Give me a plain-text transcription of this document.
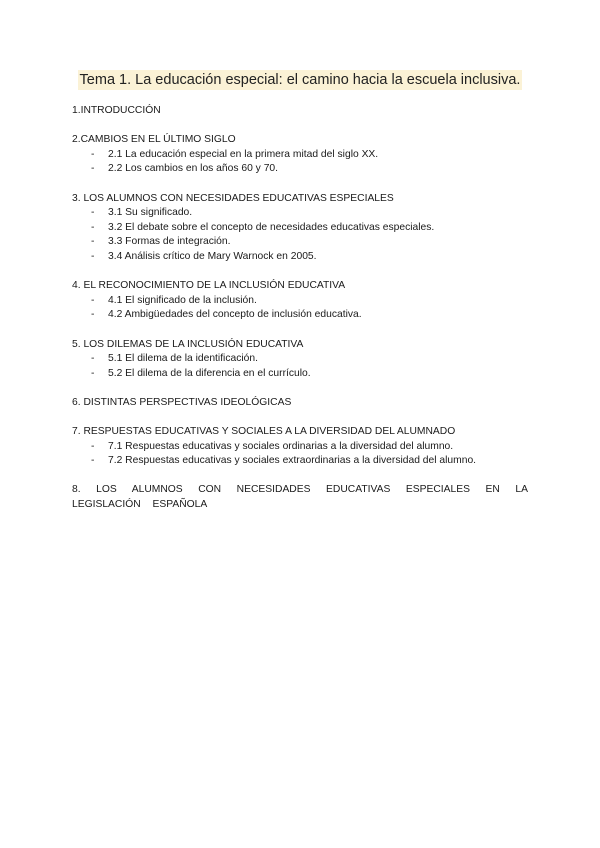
Tema 1. La educación especial: el camino hacia la escuela inclusiva.

1.INTRODUCCIÓN

2.CAMBIOS EN EL ÚLTIMO SIGLO

- 2.1 La educación especial en la primera mitad del siglo XX.
- 2.2 Los cambios en los años 60 y 70.

3. LOS ALUMNOS CON NECESIDADES EDUCATIVAS ESPECIALES

- 3.1 Su significado.
- 3.2 El debate sobre el concepto de necesidades educativas especiales.
- 3.3 Formas de integración.
- 3.4 Análisis crítico de Mary Warnock en 2005.

4. EL RECONOCIMIENTO DE LA INCLUSIÓN EDUCATIVA

- 4.1 El significado de la inclusión.
- 4.2 Ambigüedades del concepto de inclusión educativa.

5. LOS DILEMAS DE LA INCLUSIÓN EDUCATIVA

- 5.1 El dilema de la identificación.
- 5.2 El dilema de la diferencia en el currículo.

6. DISTINTAS PERSPECTIVAS IDEOLÓGICAS

7. RESPUESTAS EDUCATIVAS Y SOCIALES A LA DIVERSIDAD DEL ALUMNADO

- 7.1 Respuestas educativas y sociales ordinarias a la diversidad del alumno.
- 7.2 Respuestas educativas y sociales extraordinarias a la diversidad del alumno.

8. LOS ALUMNOS CON NECESIDADES EDUCATIVAS ESPECIALES EN LA LEGISLACIÓN ESPAÑOLA
